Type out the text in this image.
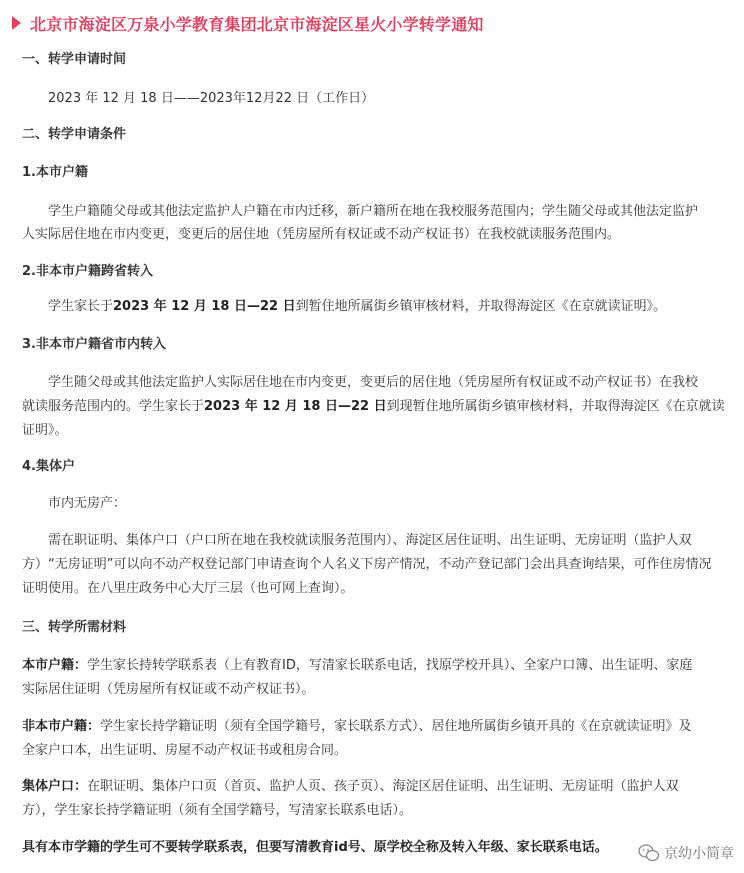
北京市海淀区万泉小学教育集团北京市海淀区星火小学转学通知
一、转学申请时间
2023 年 12 月 18 日——2023年12月22 日（工作日）
二、转学申请条件
1.本市户籍
学生户籍随父母或其他法定监护人户籍在市内迁移，新户籍所在地在我校服务范围内；学生随父母或其他法定监护
人实际居住地在市内变更，变更后的居住地（凭房屋所有权证或不动产权证书）在我校就读服务范围内。
2.非本市户籍跨省转入
学生家长于2023 年 12 月 18 日—22 日到暂住地所属街乡镇审核材料，并取得海淀区《在京就读证明》。
3.非本市户籍省市内转入
学生随父母或其他法定监护人实际居住地在市内变更，变更后的居住地（凭房屋所有权证或不动产权证书）在我校
就读服务范围内的。学生家长于2023 年 12 月 18 日—22 日到现暂住地所属街乡镇审核材料，并取得海淀区《在京就读
证明》。
4.集体户
市内无房产：
需在职证明、集体户口（户口所在地在我校就读服务范围内）、海淀区居住证明、出生证明、无房证明（监护人双
方）“无房证明”可以向不动产权登记部门申请查询个人名义下房产情况，不动产登记部门会出具查询结果，可作住房情况
证明使用。在八里庄政务中心大厅三层（也可网上查询）。
三、转学所需材料
本市户籍：学生家长持转学联系表（上有教育ID，写清家长联系电话，找原学校开具）、全家户口簿、出生证明、家庭
实际居住证明（凭房屋所有权证或不动产权证书）。
非本市户籍：学生家长持学籍证明（须有全国学籍号，家长联系方式）、居住地所属街乡镇开具的《在京就读证明》及
全家户口本，出生证明、房屋不动产权证书或租房合同。
集体户口：在职证明、集体户口页（首页、监护人页、孩子页）、海淀区居住证明、出生证明、无房证明（监护人双
方），学生家长持学籍证明（须有全国学籍号，写清家长联系电话）。
具有本市学籍的学生可不要转学联系表，但要写清教育id号、原学校全称及转入年级、家长联系电话。	京幼小简章
